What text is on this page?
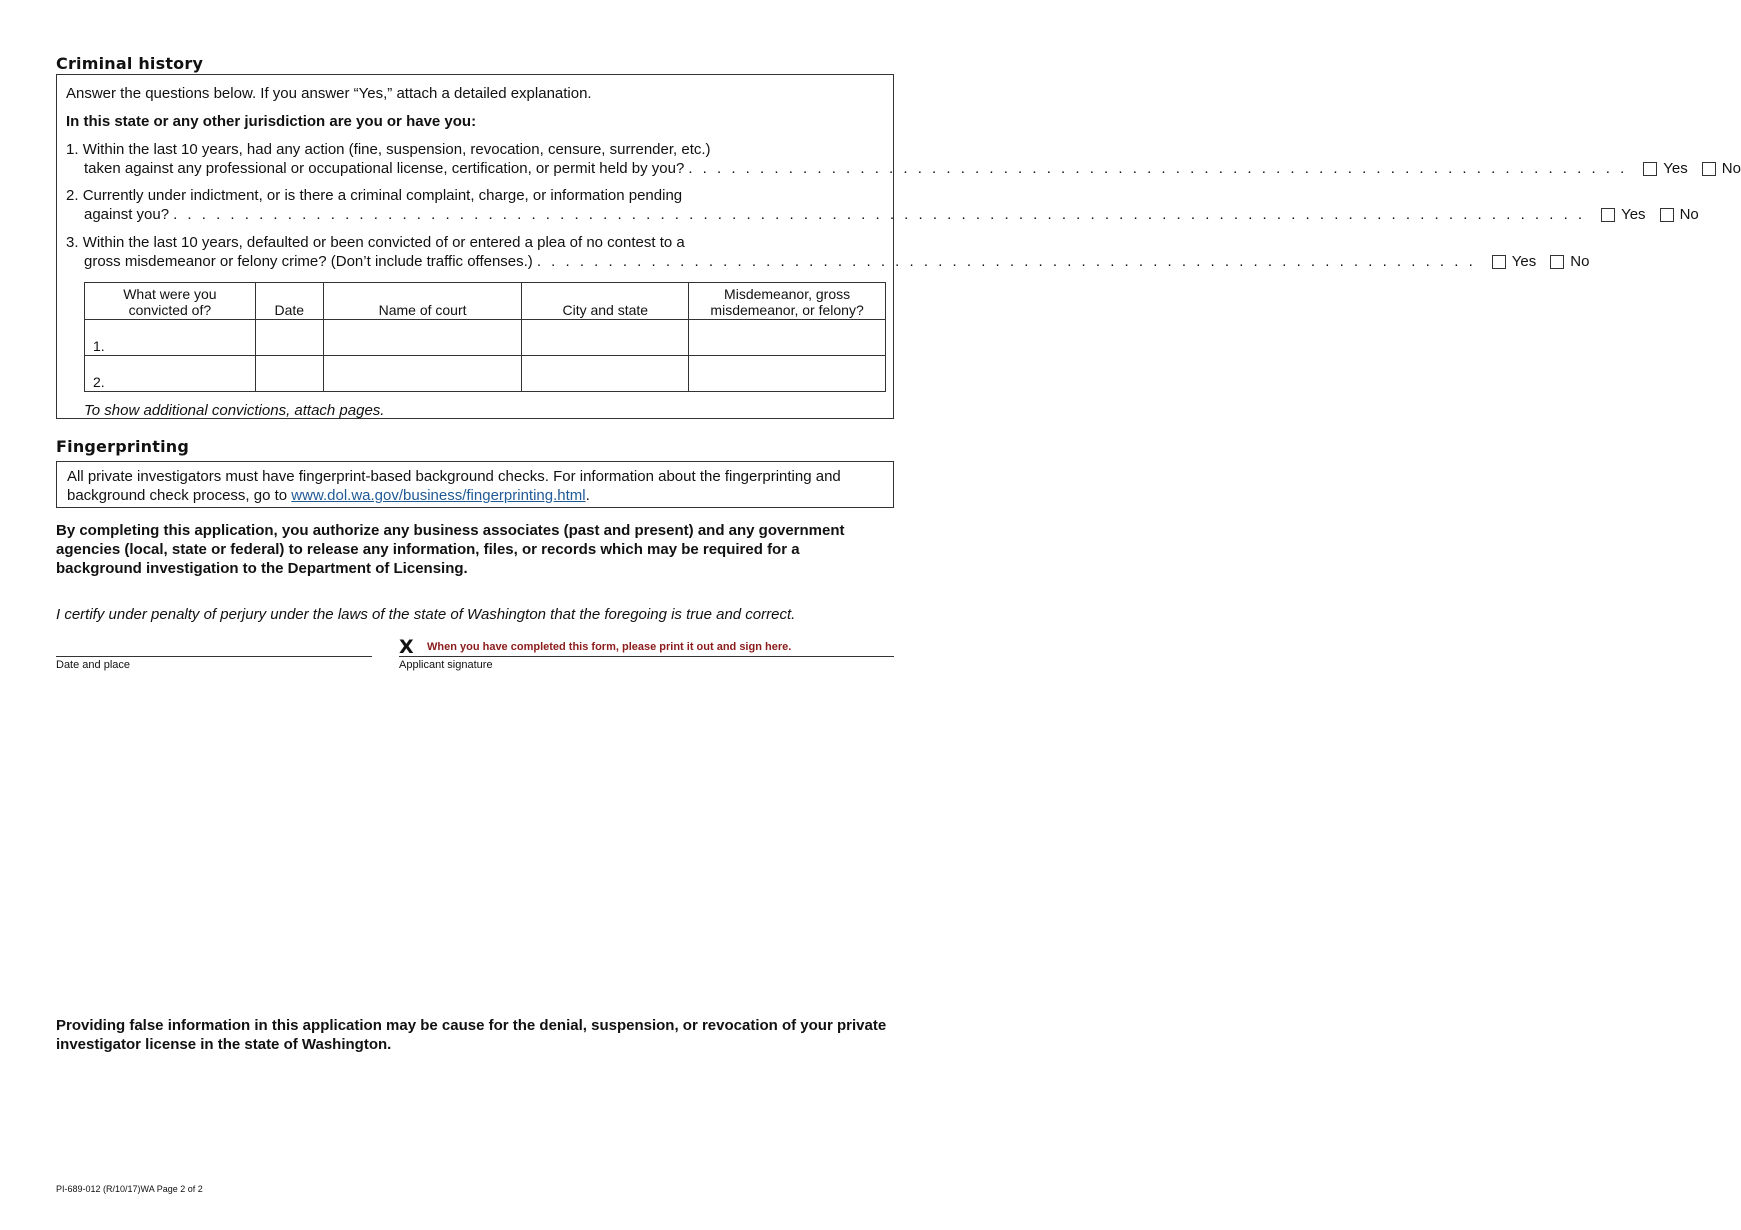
Criminal history
Answer the questions below. If you answer “Yes,” attach a detailed explanation.
In this state or any other jurisdiction are you or have you:
1. Within the last 10 years, had any action (fine, suspension, revocation, censure, surrender, etc.)
taken against any professional or occupational license, certification, or permit held by you? . . . . . . . . . . . . . . . . . . . . . . . . . . . . . . . . . . . . . . . . . . . . . . . . . . . . . . . . . . . . . . . . . . Yes No
2. Currently under indictment, or is there a criminal complaint, charge, or information pending
against you? . . . . . . . . . . . . . . . . . . . . . . . . . . . . . . . . . . . . . . . . . . . . . . . . . . . . . . . . . . . . . . . . . . . . . . . . . . . . . . . . . . . . . . . . . . . . . . . . . . . Yes No
3. Within the last 10 years, defaulted or been convicted of or entered a plea of no contest to a
gross misdemeanor or felony crime? (Don’t include traffic offenses.) . . . . . . . . . . . . . . . . . . . . . . . . . . . . . . . . . . . . . . . . . . . . . . . . . . . . . . . . . . . . . . . . . . Yes No
What were you
convicted of?	Date	Name of court	City and state	Misdemeanor, gross
misdemeanor, or felony?
1.				
2.				
To show additional convictions, attach pages.
Fingerprinting
All private investigators must have fingerprint-based background checks. For information about the fingerprinting and
background check process, go to www.dol.wa.gov/business/fingerprinting.html.
By completing this application, you authorize any business associates (past and present) and any government
agencies (local, state or federal) to release any information, files, or records which may be required for a
background investigation to the Department of Licensing.
I certify under penalty of perjury under the laws of the state of Washington that the foregoing is true and correct.
Date and place
X When you have completed this form, please print it out and sign here.
Applicant signature
Providing false information in this application may be cause for the denial, suspension, or revocation of your private
investigator license in the state of Washington.
PI-689-012 (R/10/17)WA Page 2 of 2
